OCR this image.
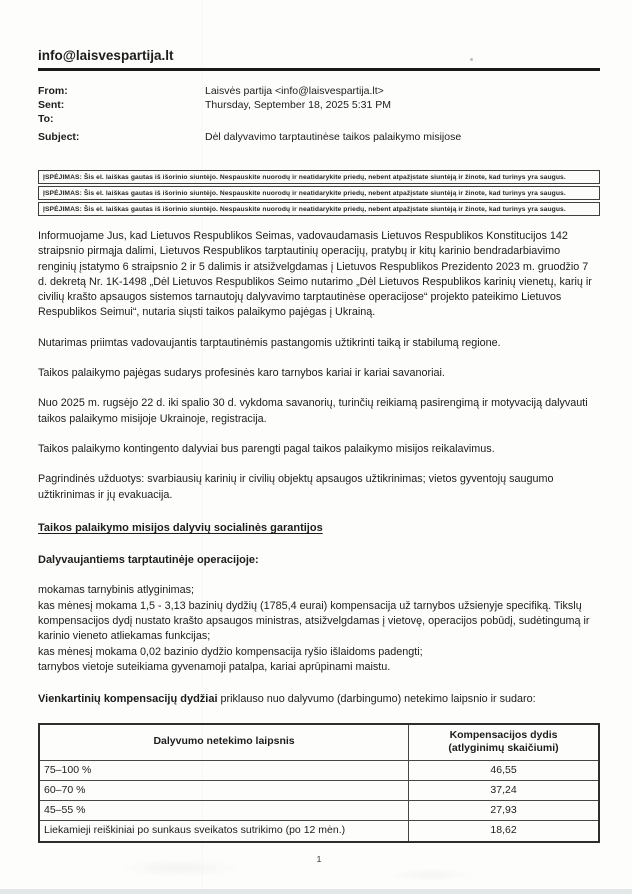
info@laisvespartija.lt
From:	Laisvės partija <info@laisvespartija.lt>
Sent:	Thursday, September 18, 2025 5:31 PM
To:
Subject:	Dėl dalyvavimo tarptautinėse taikos palaikymo misijose
ĮSPĖJIMAS: Šis el. laiškas gautas iš išorinio siuntėjo. Nespauskite nuorodų ir neatidarykite priedų, nebent atpažįstate siuntėją ir žinote, kad turinys yra saugus.
ĮSPĖJIMAS: Šis el. laiškas gautas iš išorinio siuntėjo. Nespauskite nuorodų ir neatidarykite priedų, nebent atpažįstate siuntėją ir žinote, kad turinys yra saugus.
ĮSPĖJIMAS: Šis el. laiškas gautas iš išorinio siuntėjo. Nespauskite nuorodų ir neatidarykite priedų, nebent atpažįstate siuntėją ir žinote, kad turinys yra saugus.
Informuojame Jus, kad Lietuvos Respublikos Seimas, vadovaudamasis Lietuvos Respublikos Konstitucijos 142 straipsnio pirmąja dalimi, Lietuvos Respublikos tarptautinių operacijų, pratybų ir kitų karinio bendradarbiavimo renginių įstatymo 6 straipsnio 2 ir 5 dalimis ir atsižvelgdamas į Lietuvos Respublikos Prezidento 2023 m. gruodžio 7 d. dekretą Nr. 1K-1498 „Dėl Lietuvos Respublikos Seimo nutarimo „Dėl Lietuvos Respublikos karinių vienetų, karių ir civilių krašto apsaugos sistemos tarnautojų dalyvavimo tarptautinėse operacijose“ projekto pateikimo Lietuvos Respublikos Seimui“, nutaria siųsti taikos palaikymo pajėgas į Ukrainą.
Nutarimas priimtas vadovaujantis tarptautinėmis pastangomis užtikrinti taiką ir stabilumą regione.
Taikos palaikymo pajėgas sudarys profesinės karo tarnybos kariai ir kariai savanoriai.
Nuo 2025 m. rugsėjo 22 d. iki spalio 30 d. vykdoma savanorių, turinčių reikiamą pasirengimą ir motyvaciją dalyvauti taikos palaikymo misijoje Ukrainoje, registracija.
Taikos palaikymo kontingento dalyviai bus parengti pagal taikos palaikymo misijos reikalavimus.
Pagrindinės užduotys: svarbiausių karinių ir civilių objektų apsaugos užtikrinimas; vietos gyventojų saugumo užtikrinimas ir jų evakuacija.
Taikos palaikymo misijos dalyvių socialinės garantijos
Dalyvaujantiems tarptautinėje operacijoje:
mokamas tarnybinis atlyginimas;
kas mėnesį mokama 1,5 - 3,13 bazinių dydžių (1785,4 eurai) kompensacija už tarnybos užsienyje specifiką. Tikslų kompensacijos dydį nustato krašto apsaugos ministras, atsižvelgdamas į vietovę, operacijos pobūdį, sudėtingumą ir karinio vieneto atliekamas funkcijas;
kas mėnesį mokama 0,02 bazinio dydžio kompensacija ryšio išlaidoms padengti;
tarnybos vietoje suteikiama gyvenamoji patalpa, kariai aprūpinami maistu.
Vienkartinių kompensacijų dydžiai priklauso nuo dalyvumo (darbingumo) netekimo laipsnio ir sudaro:
Dalyvumo netekimo laipsnis	Kompensacijos dydis (atlyginimų skaičiumi)
75–100 %	46,55
60–70 %	37,24
45–55 %	27,93
Liekamieji reiškiniai po sunkaus sveikatos sutrikimo (po 12 mėn.)	18,62
1
